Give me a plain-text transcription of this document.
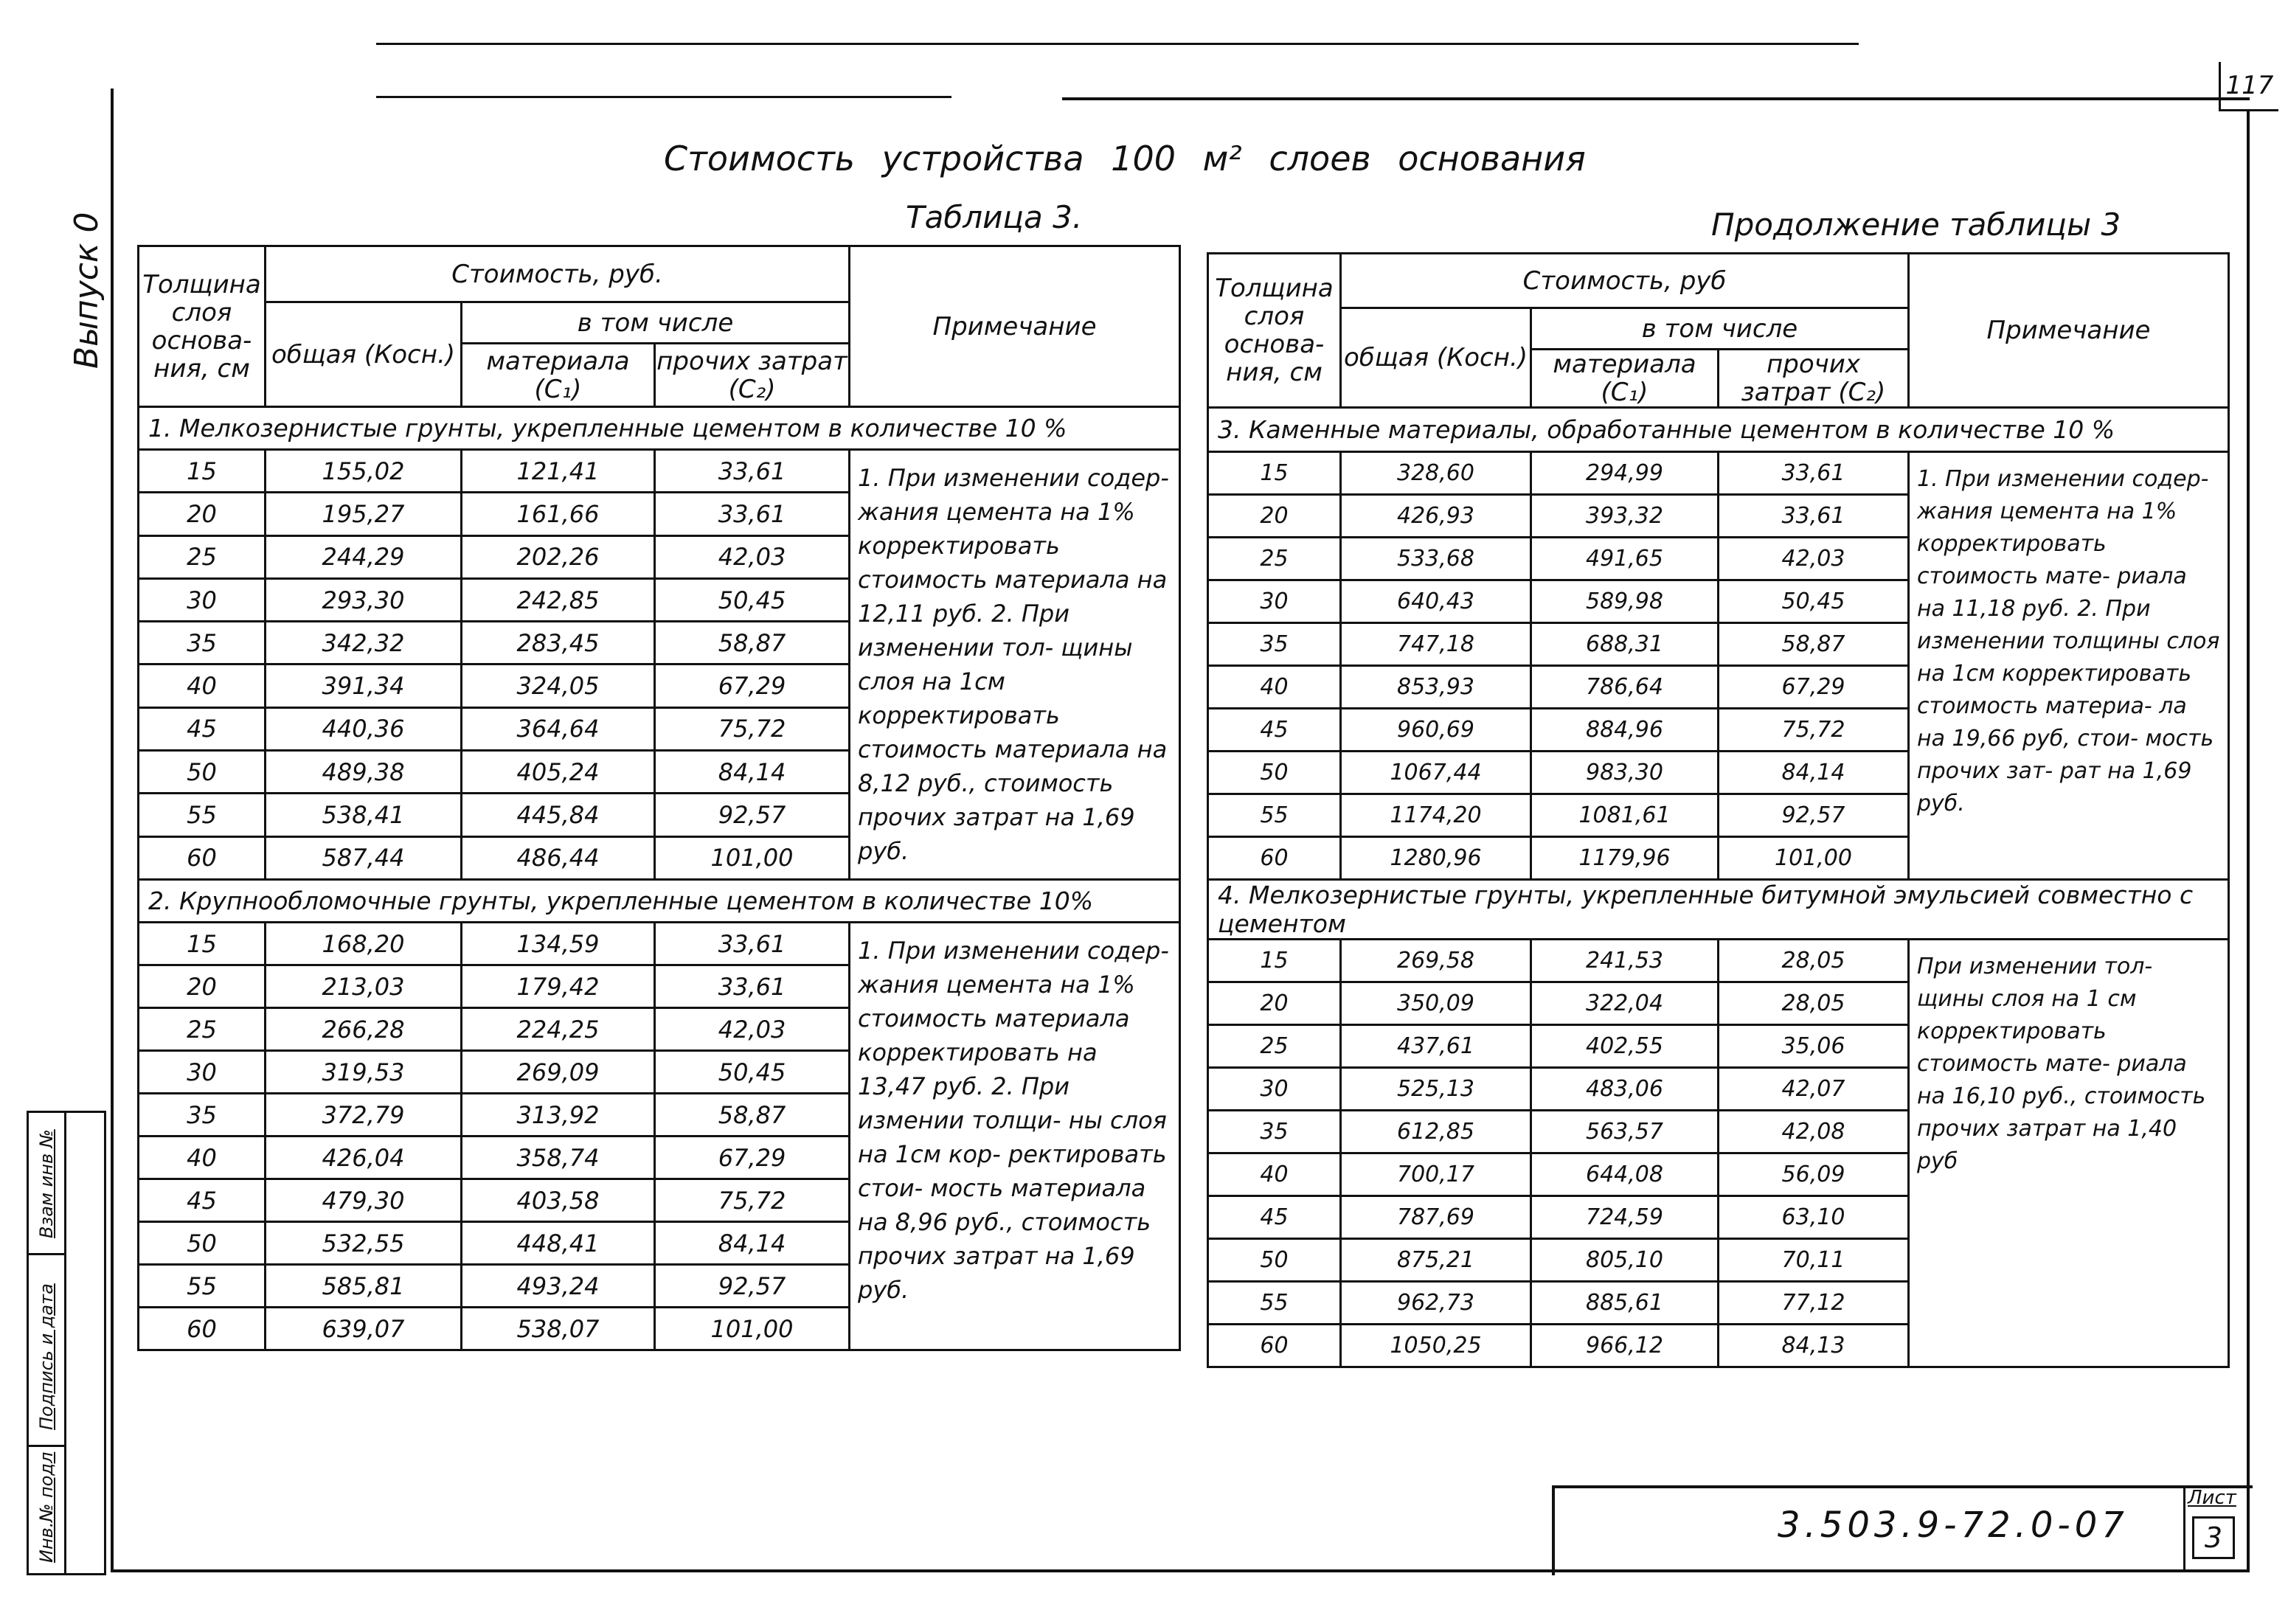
117
Выпуск 0
Взам инв №
Подпись и дата
Инв.№ подл
Стоимость устройства 100 м² слоев основания
Таблица 3.	Продолжение таблицы 3
Толщина слоя основа- ния, см	Стоимость, руб.			Примечание
	общая (Косн.)	в том числе		
		материала (С₁)	прочих затрат (С₂)	
1. Мелкозернистые грунты, укрепленные цементом в количестве 10 %				
15	155,02	121,41	33,61	1. При изменении содер- жания цемента на 1% корректировать стоимость материала на 12,11 руб. 2. При изменении тол- щины слоя на 1см корректировать стоимость материала на 8,12 руб., стоимость прочих затрат на 1,69 руб.
20	195,27	161,66	33,61	
25	244,29	202,26	42,03	
30	293,30	242,85	50,45	
35	342,32	283,45	58,87	
40	391,34	324,05	67,29	
45	440,36	364,64	75,72	
50	489,38	405,24	84,14	
55	538,41	445,84	92,57	
60	587,44	486,44	101,00	
2. Крупнообломочные грунты, укрепленные цементом в количестве 10%				
15	168,20	134,59	33,61	1. При изменении содер- жания цемента на 1% стоимость материала корректировать на 13,47 руб. 2. При измении толщи- ны слоя на 1см кор- ректировать стои- мость материала на 8,96 руб., стоимость прочих затрат на 1,69 руб.
20	213,03	179,42	33,61	
25	266,28	224,25	42,03	
30	319,53	269,09	50,45	
35	372,79	313,92	58,87	
40	426,04	358,74	67,29	
45	479,30	403,58	75,72	
50	532,55	448,41	84,14	
55	585,81	493,24	92,57	
60	639,07	538,07	101,00	
Толщина слоя основа- ния, см	Стоимость, руб			Примечание
	общая (Косн.)	в том числе		
		материала (С₁)	прочих затрат (С₂)	
3. Каменные материалы, обработанные цементом в количестве 10 %				
15	328,60	294,99	33,61	1. При изменении содер- жания цемента на 1% корректировать стоимость мате- риала на 11,18 руб. 2. При изменении толщины слоя на 1см корректировать стоимость материа- ла на 19,66 руб, стои- мость прочих зат- рат на 1,69 руб.
20	426,93	393,32	33,61	
25	533,68	491,65	42,03	
30	640,43	589,98	50,45	
35	747,18	688,31	58,87	
40	853,93	786,64	67,29	
45	960,69	884,96	75,72	
50	1067,44	983,30	84,14	
55	1174,20	1081,61	92,57	
60	1280,96	1179,96	101,00	
4. Мелкозернистые грунты, укрепленные битумной эмульсией совместно с цементом				
15	269,58	241,53	28,05	При изменении тол- щины слоя на 1 см корректировать стоимость мате- риала на 16,10 руб., стоимость прочих затрат на 1,40 руб
20	350,09	322,04	28,05	
25	437,61	402,55	35,06	
30	525,13	483,06	42,07	
35	612,85	563,57	42,08	
40	700,17	644,08	56,09	
45	787,69	724,59	63,10	
50	875,21	805,10	70,11	
55	962,73	885,61	77,12	
60	1050,25	966,12	84,13	
3.503.9-72.0-07
Лист
3
